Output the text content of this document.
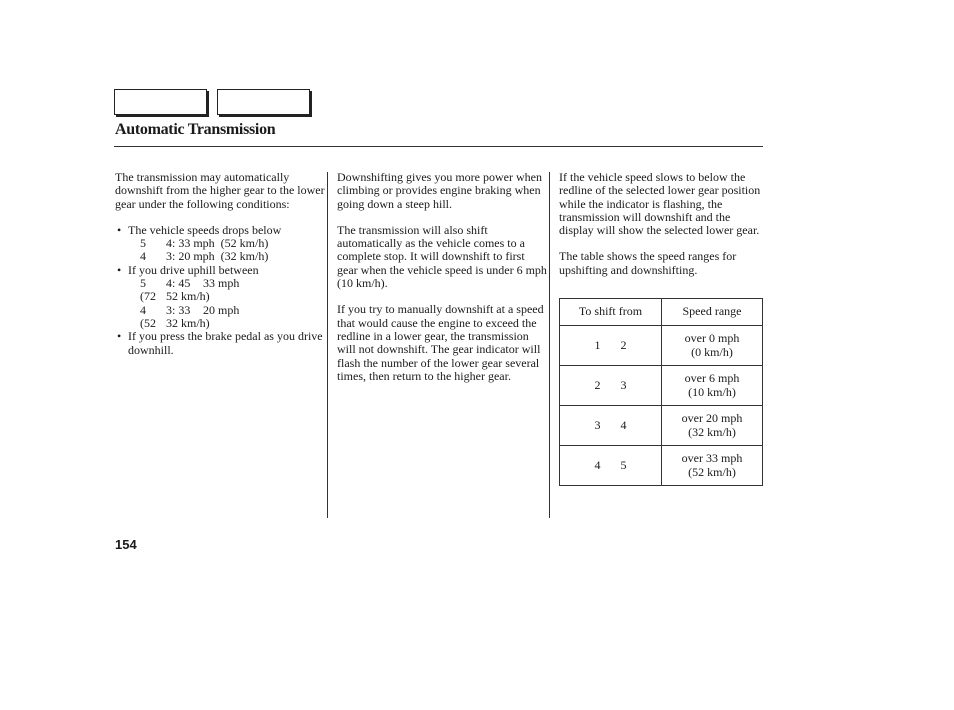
Automatic Transmission

The transmission may automatically downshift from the higher gear to the lower gear under the following conditions:

• The vehicle speeds drops below
5 4: 33 mph (52 km/h)
4 3: 20 mph (32 km/h)
• If you drive uphill between
5 4: 45 33 mph
(72 52 km/h)
4 3: 33 20 mph
(52 32 km/h)
• If you press the brake pedal as you drive downhill.

Downshifting gives you more power when climbing or provides engine braking when going down a steep hill.

The transmission will also shift automatically as the vehicle comes to a complete stop. It will downshift to first gear when the vehicle speed is under 6 mph (10 km/h).

If you try to manually downshift at a speed that would cause the engine to exceed the redline in a lower gear, the transmission will not downshift. The gear indicator will flash the number of the lower gear several times, then return to the higher gear.

If the vehicle speed slows to below the redline of the selected lower gear position while the indicator is flashing, the transmission will downshift and the display will show the selected lower gear.

The table shows the speed ranges for upshifting and downshifting.

To shift from	Speed range
1 2	over 0 mph
(0 km/h)

2 3	over 6 mph
(10 km/h)

3 4	over 20 mph
(32 km/h)

4 5	over 33 mph
(52 km/h)
154
